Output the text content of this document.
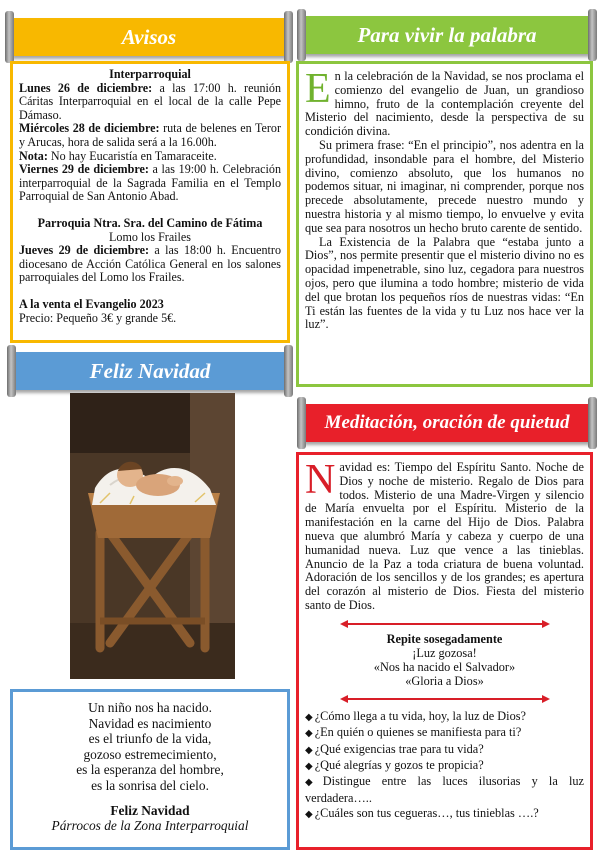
Avisos	Para vivir la palabra
Feliz Navidad
Meditación, oración de quietud
Interparroquial
Lunes 26 de diciembre: a las 17:00 h. reunión Cáritas Interparroquial en el local de la calle Pepe Dámaso.
Miércoles 28 de diciembre: ruta de belenes en Teror y Arucas, hora de salida será a la 16.00h.
Nota: No hay Eucaristía en Tamaraceite.
Viernes 29 de diciembre: a las 19:00 h. Celebración interparroquial de la Sagrada Familia en el Templo Parroquial de San Antonio Abad.
Parroquia Ntra. Sra. del Camino de Fátima
Lomo los Frailes
Jueves 29 de diciembre: a las 18:00 h. Encuentro diocesano de Acción Católica General en los salones parroquiales del Lomo los Frailes.
A la venta el Evangelio 2023
Precio: Pequeño 3€ y grande 5€.

En la celebración de la Navidad, se nos proclama el comienzo del evangelio de Juan, un grandioso himno, fruto de la contemplación creyente del Misterio del nacimiento, desde la perspectiva de su condición divina.

Su primera frase: “En el principio”, nos adentra en la profundidad, insondable para el hombre, del Misterio divino, comienzo absoluto, que los humanos no podemos situar, ni imaginar, ni comprender, porque nos precede absolutamente, precede nuestro mundo y nuestra historia y al mismo tiempo, lo envuelve y evita que sea para nosotros un hecho bruto carente de sentido.

La Existencia de la Palabra que “estaba junto a Dios”, nos permite presentir que el misterio divino no es opacidad impenetrable, sino luz, cegadora para nuestros ojos, pero que ilumina a todo hombre; misterio de vida del que brotan los pequeños ríos de nuestras vidas: “En Ti están las fuentes de la vida y tu Luz nos hace ver la luz”.

Un niño nos ha nacido.
Navidad es nacimiento
es el triunfo de la vida,
gozoso estremecimiento,
es la esperanza del hombre,
es la sonrisa del cielo.
Feliz Navidad
Párrocos de la Zona Interparroquial

Navidad es: Tiempo del Espíritu Santo. Noche de Dios y noche de misterio. Regalo de Dios para todos. Misterio de una Madre-Virgen y silencio de María envuelta por el Espíritu. Misterio de la manifestación en la carne del Hijo de Dios. Palabra nueva que alumbró María y cabeza y cuerpo de una humanidad nueva. Luz que vence a las tinieblas. Anuncio de la Paz a toda criatura de buena voluntad. Adoración de los sencillos y de los grandes; es apertura del corazón al misterio de Dios. Fiesta del misterio santo de Dios.

Repite sosegadamente
¡Luz gozosa!
«Nos ha nacido el Salvador»
«Gloria a Dios»
◆ ¿Cómo llega a tu vida, hoy, la luz de Dios?
◆ ¿En quién o quienes se manifiesta para ti?
◆ ¿Qué exigencias trae para tu vida?
◆ ¿Qué alegrías y gozos te propicia?
◆ Distingue entre las luces ilusorias y la luz verdadera…..
◆ ¿Cuáles son tus cegueras…, tus tinieblas ….?
